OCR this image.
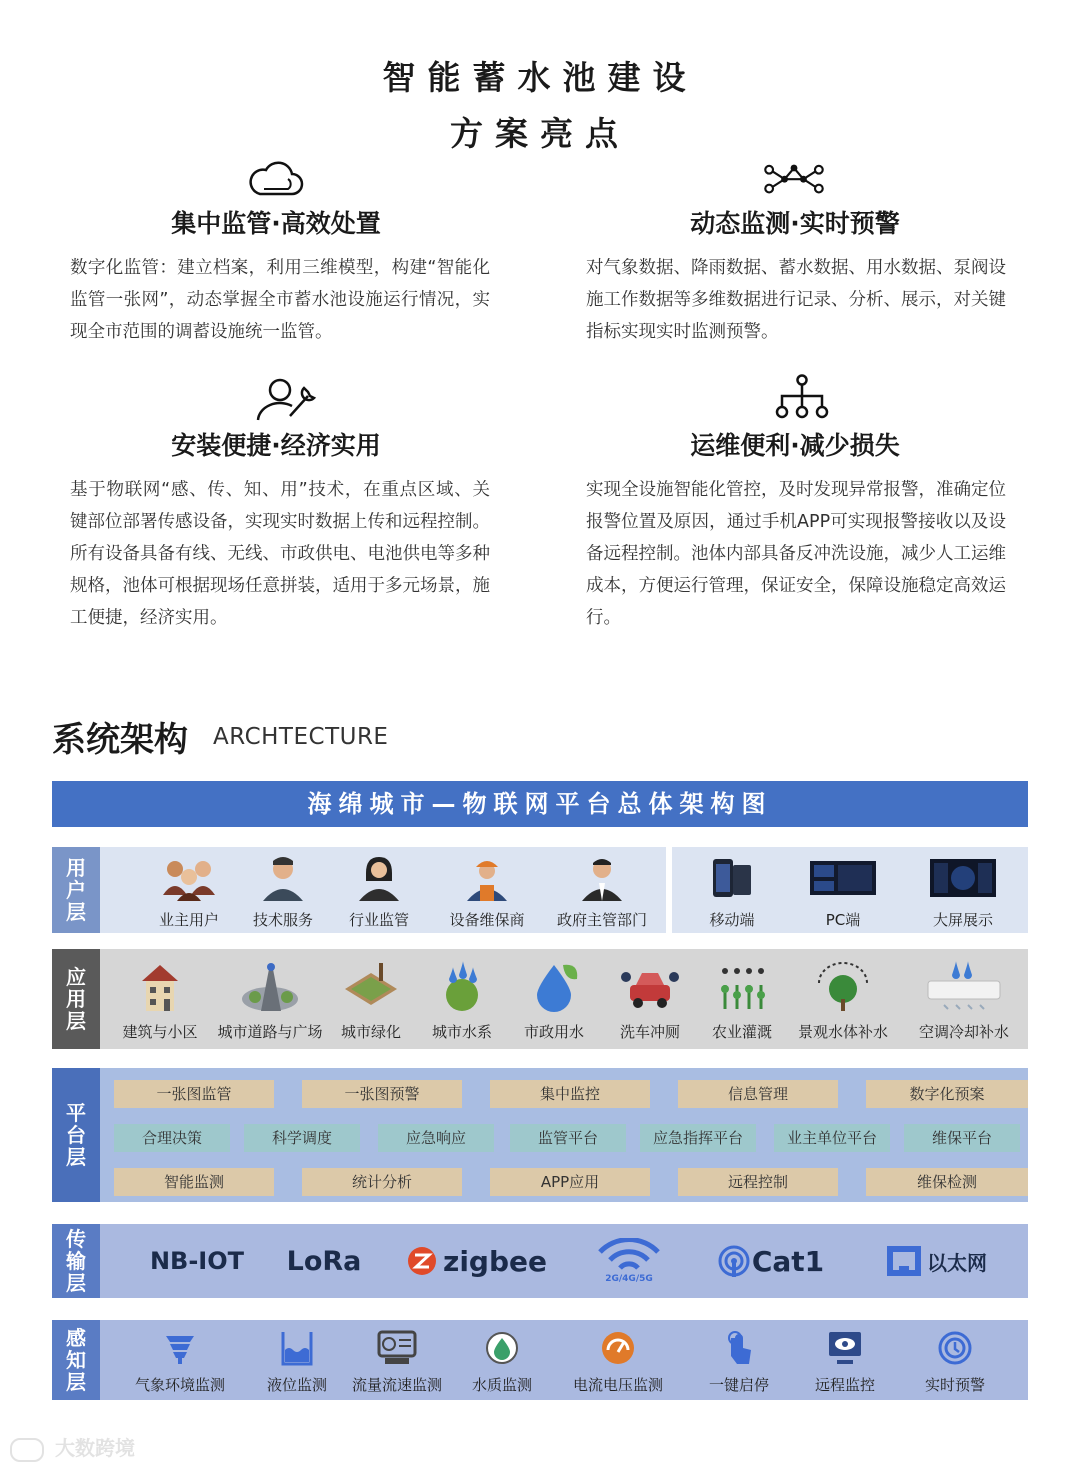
智能蓄水池建设
方案亮点
集中监管·高效处置
数字化监管：建立档案，利用三维模型，构建“智能化监管一张网”，动态掌握全市蓄水池设施运行情况，实现全市范围的调蓄设施统一监管。
动态监测·实时预警
对气象数据、降雨数据、蓄水数据、用水数据、泵阀设施工作数据等多维数据进行记录、分析、展示，对关键指标实现实时监测预警。
安装便捷·经济实用
基于物联网“感、传、知、用”技术，在重点区域、关键部位部署传感设备，实现实时数据上传和远程控制。所有设备具备有线、无线、市政供电、电池供电等多种规格，池体可根据现场任意拼装，适用于多元场景，施工便捷，经济实用。
运维便利·减少损失
实现全设施智能化管控，及时发现异常报警，准确定位报警位置及原因，通过手机APP可实现报警接收以及设备远程控制。池体内部具备反冲洗设施，减少人工运维成本，方便运行管理，保证安全，保障设施稳定高效运行。
系统架构 ARCHTECTURE
海绵城市—物联网平台总体架构图
用
户
层	业主用户	技术服务	行业监管	设备维保商	政府主管部门	移动端	PC端	大屏展示
应
用
层	建筑与小区	城市道路与广场	城市绿化	城市水系	市政用水	洗车冲厕	农业灌溉	景观水体补水	空调冷却补水
平
台
层
一张图监管	一张图预警	集中监控	信息管理	数字化预案
合理决策	科学调度	应急响应	监管平台	应急指挥平台	业主单位平台	维保平台
智能监测	统计分析	APP应用	远程控制	维保检测
传
输
层
NB-IOT	LoRa	zigbee
2G/4G/5G
Cat1	以太网
感
知
层	气象环境监测	液位监测	流量流速监测	水质监测	电流电压监测	一键启停	远程监控	实时预警
大数跨境
